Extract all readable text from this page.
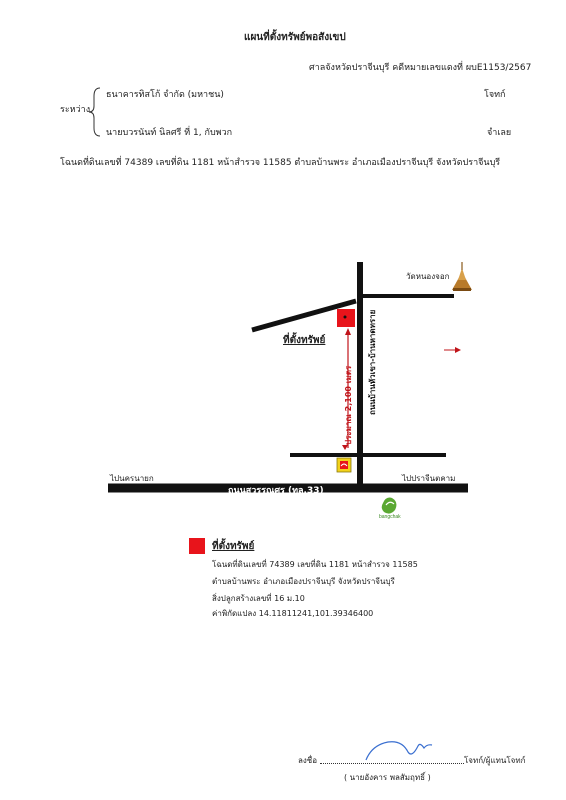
แผนที่ตั้งทรัพย์พอสังเขป
ศาลจังหวัดปราจีนบุรี คดีหมายเลขแดงที่ ผบE1153/2567
ระหว่าง
ธนาคารทิสโก้ จำกัด (มหาชน)	โจทก์
นายบวรนันท์ นิลศรี ที่ 1, กับพวก	จำเลย
โฉนดที่ดินเลขที่ 74389 เลขที่ดิน 1181 หน้าสำรวจ 11585 ตำบลบ้านพระ อำเภอเมืองปราจีนบุรี จังหวัดปราจีนบุรี
วัดหนองจอก
ที่ตั้งทรัพย์
ประมาณ 2,100 เมตร ถนนบ้านหัวเขา-บ้านหาดทราย
ไปนครนายก	ไปปราจีนตคาม
ถนนสุวรรณศร (ทล.33)
bangchak
ที่ตั้งทรัพย์
โฉนดที่ดินเลขที่ 74389 เลขที่ดิน 1181 หน้าสำรวจ 11585
ตำบลบ้านพระ อำเภอเมืองปราจีนบุรี จังหวัดปราจีนบุรี
สิ่งปลูกสร้างเลขที่ 16 ม.10
ค่าพิกัดแปลง 14.11811241,101.39346400
ลงชื่อ	โจทก์/ผู้แทนโจทก์
( นายอังคาร พลสัมฤทธิ์ )
